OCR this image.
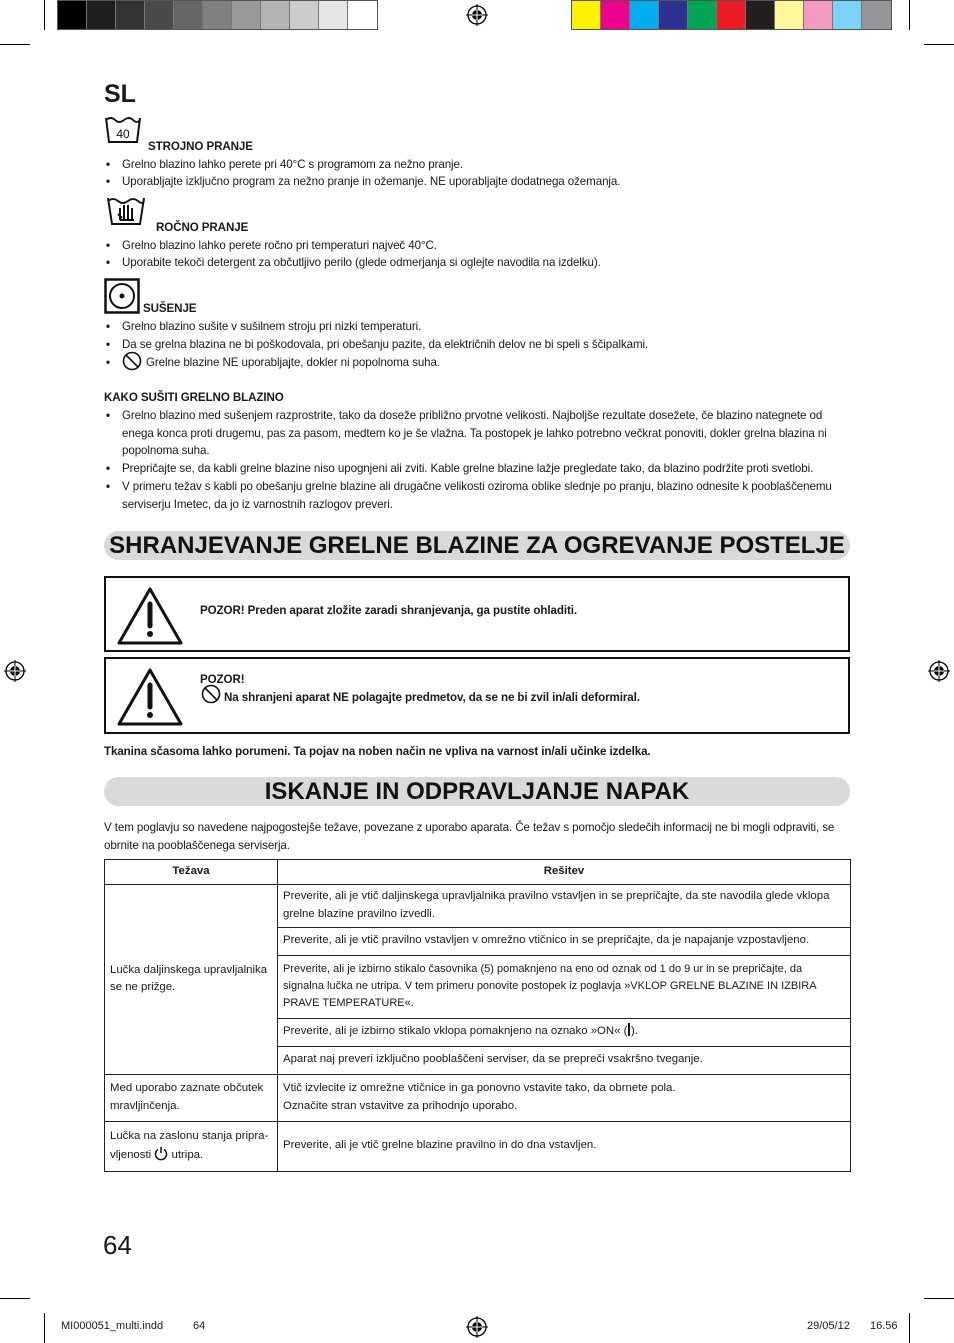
SL
40
STROJNO PRANJE
• Grelno blazino lahko perete pri 40°C s programom za nežno pranje.
• Uporabljajte izključno program za nežno pranje in ožemanje. NE uporabljajte dodatnega ožemanja.
ROČNO PRANJE
• Grelno blazino lahko perete ročno pri temperaturi največ 40°C.
• Uporabite tekoči detergent za občutljivo perilo (glede odmerjanja si oglejte navodila na izdelku).
SUŠENJE
• Grelno blazino sušite v sušilnem stroju pri nizki temperaturi.
• Da se grelna blazina ne bi poškodovala, pri obešanju pazite, da električnih delov ne bi speli s ščipalkami.
• Grelne blazine NE uporabljajte, dokler ni popolnoma suha.
KAKO SUŠITI GRELNO BLAZINO
• Grelno blazino med sušenjem razprostrite, tako da doseže približno prvotne velikosti. Najboljše rezultate dosežete, če blazino nategnete od enega konca proti drugemu, pas za pasom, medtem ko je še vlažna. Ta postopek je lahko potrebno večkrat ponoviti, dokler grelna blazina ni popolnoma suha.
• Prepričajte se, da kabli grelne blazine niso upognjeni ali zviti. Kable grelne blazine lažje pregledate tako, da blazino podržite proti svetlobi.
• V primeru težav s kabli po obešanju grelne blazine ali drugačne velikosti oziroma oblike slednje po pranju, blazino odnesite k pooblaščenemu serviserju Imetec, da jo iz varnostnih razlogov preveri.
SHRANJEVANJE GRELNE BLAZINE ZA OGREVANJE POSTELJE
POZOR! Preden aparat zložite zaradi shranjevanja, ga pustite ohladiti.
POZOR!
Na shranjeni aparat NE polagajte predmetov, da se ne bi zvil in/ali deformiral.
Tkanina sčasoma lahko porumeni. Ta pojav na noben način ne vpliva na varnost in/ali učinke izdelka.
ISKANJE IN ODPRAVLJANJE NAPAK
V tem poglavju so navedene najpogostejše težave, povezane z uporabo aparata. Če težav s pomočjo sledečih informacij ne bi mogli odpraviti, se obrnite na pooblaščenega serviserja.
Težava	Rešitev
Lučka daljinskega upravljalnika se ne prižge.	Preverite, ali je vtič daljinskega upravljalnika pravilno vstavljen in se prepričajte, da ste navodila glede vklopa grelne blazine pravilno izvedli.
	Preverite, ali je vtič pravilno vstavljen v omrežno vtičnico in se prepričajte, da je napajanje vzpostavljeno.
	Preverite, ali je izbirno stikalo časovnika (5) pomaknjeno na eno od oznak od 1 do 9 ur in se prepričajte, da signalna lučka ne utripa. V tem primeru ponovite postopek iz poglavja »VKLOP GRELNE BLAZINE IN IZBIRA PRAVE TEMPERATURE«.
	Preverite, ali je izbirno stikalo vklopa pomaknjeno na oznako »ON« ( ).
	Aparat naj preveri izključno pooblaščeni serviser, da se prepreči vsakršno tveganje.
Med uporabo zaznate občutek mravljinčenja.	Vtič izvlecite iz omrežne vtičnice in ga ponovno vstavite tako, da obrnete pola.
Označite stran vstavitve za prihodnjo uporabo.

Lučka na zaslonu stanja pripra-
vljenosti utripa.	Preverite, ali je vtič grelne blazine pravilno in do dna vstavljen.
64
MI000051_multi.indd	64	29/05/12 16.56
